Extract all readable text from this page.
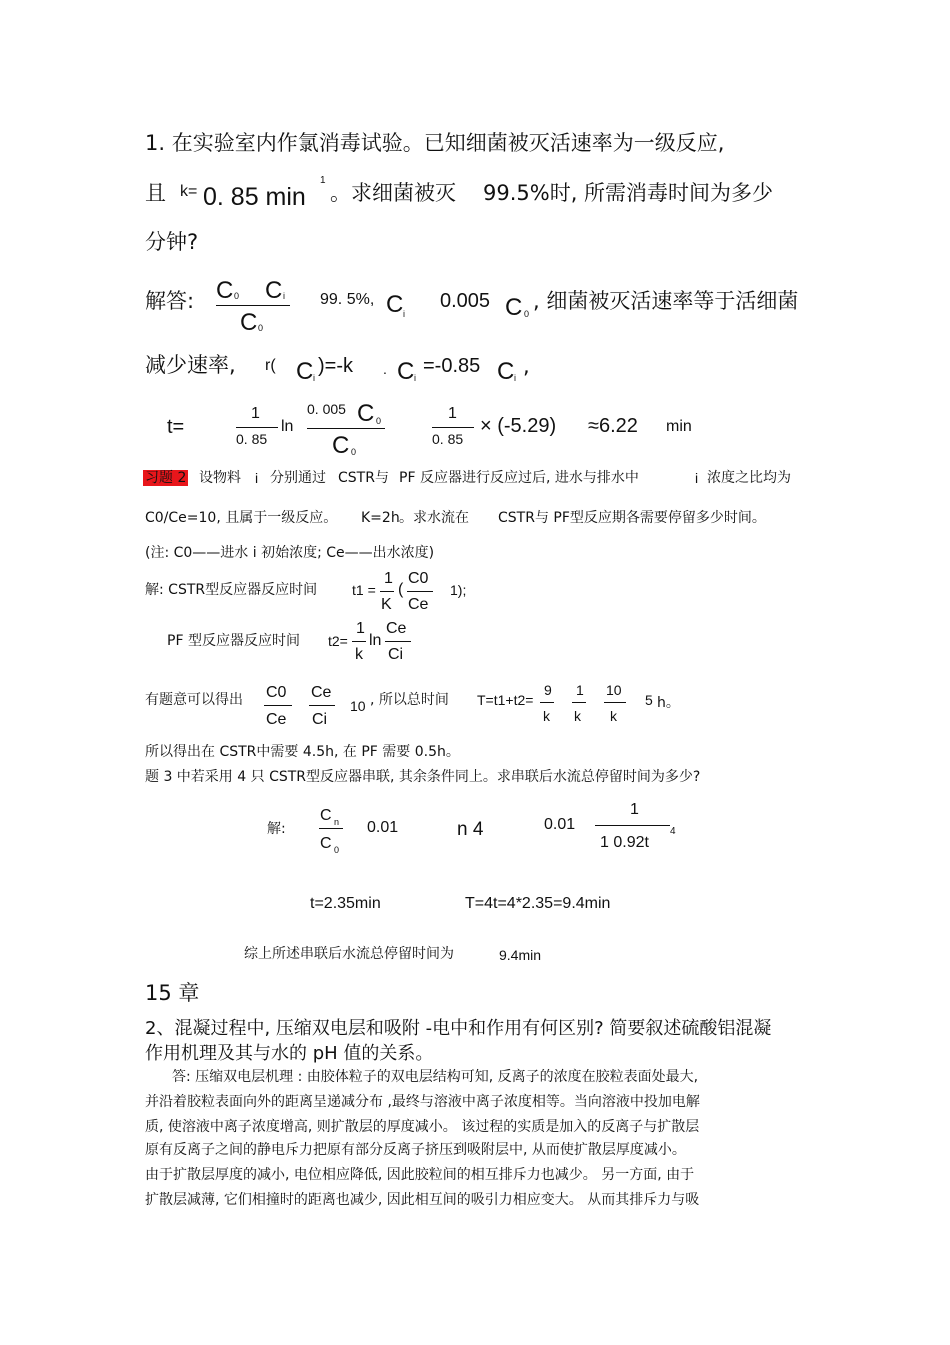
1. 在实验室内作氯消毒试验。已知细菌被灭活速率为一级反应,
且 k= 0. 85 min
1
。求细菌被灭 99.5%时, 所需消毒时间为多少
分钟?
解答: C 0 C i
C 0
99. 5%, C i
0.005 C 0
, 细菌被灭活速率等于活细菌
减少速率, r( C i
)=-k . C i
=-0.85 C i ,
t=
1
0. 85
ln
0. 005 C 0
C 0
1
0. 85
× (-5.29) ≈6.22 min
习题 2 设物料 i 分别通过 CSTR与 PF 反应器进行反应过后, 进水与排水中	i 浓度之比均为
C0/Ce=10, 且属于一级反应。 K=2h 。求水流在 CSTR与 PF型反应期各需要停留多少时间。
(注: C0——进水 i 初始浓度; Ce——出水浓度)
解: CSTR型反应器反应时间 t1 =
1
K
(
C0
Ce
1);
PF 型反应器反应时间 t2=
1
k
ln
Ce
Ci
有题意可以得出 C0
Ce
Ce
Ci
10 , 所以总时间 T=t1+t2=
9
k
1
k
10
k
5 h。
所以得出在 CSTR中需要 4.5h, 在 PF 需要 0.5h。
题 3 中若采用 4 只 CSTR型反应器串联, 其余条件同上。求串联后水流总停留时间为多少?
解:
C n
C 0
0.01	n 4	0.01
1
1 0.92t
4
t=2.35min	T=4t=4*2.35=9.4min
综上所述串联后水流总停留时间为	9.4min
15 章
2、混凝过程中, 压缩双电层和吸附 -电中和作用有何区别? 简要叙述硫酸铝混凝
作用机理及其与水的 pH 值的关系。
答: 压缩双电层机理 : 由胶体粒子的双电层结构可知, 反离子的浓度在胶粒表面处最大,
并沿着胶粒表面向外的距离呈递减分布 ,最终与溶液中离子浓度相等。当向溶液中投加电解
质, 使溶液中离子浓度增高, 则扩散层的厚度减小。 该过程的实质是加入的反离子与扩散层
原有反离子之间的静电斥力把原有部分反离子挤压到吸附层中, 从而使扩散层厚度减小。
由于扩散层厚度的减小, 电位相应降低, 因此胶粒间的相互排斥力也减少。 另一方面, 由于
扩散层减薄, 它们相撞时的距离也减少, 因此相互间的吸引力相应变大。 从而其排斥力与吸
